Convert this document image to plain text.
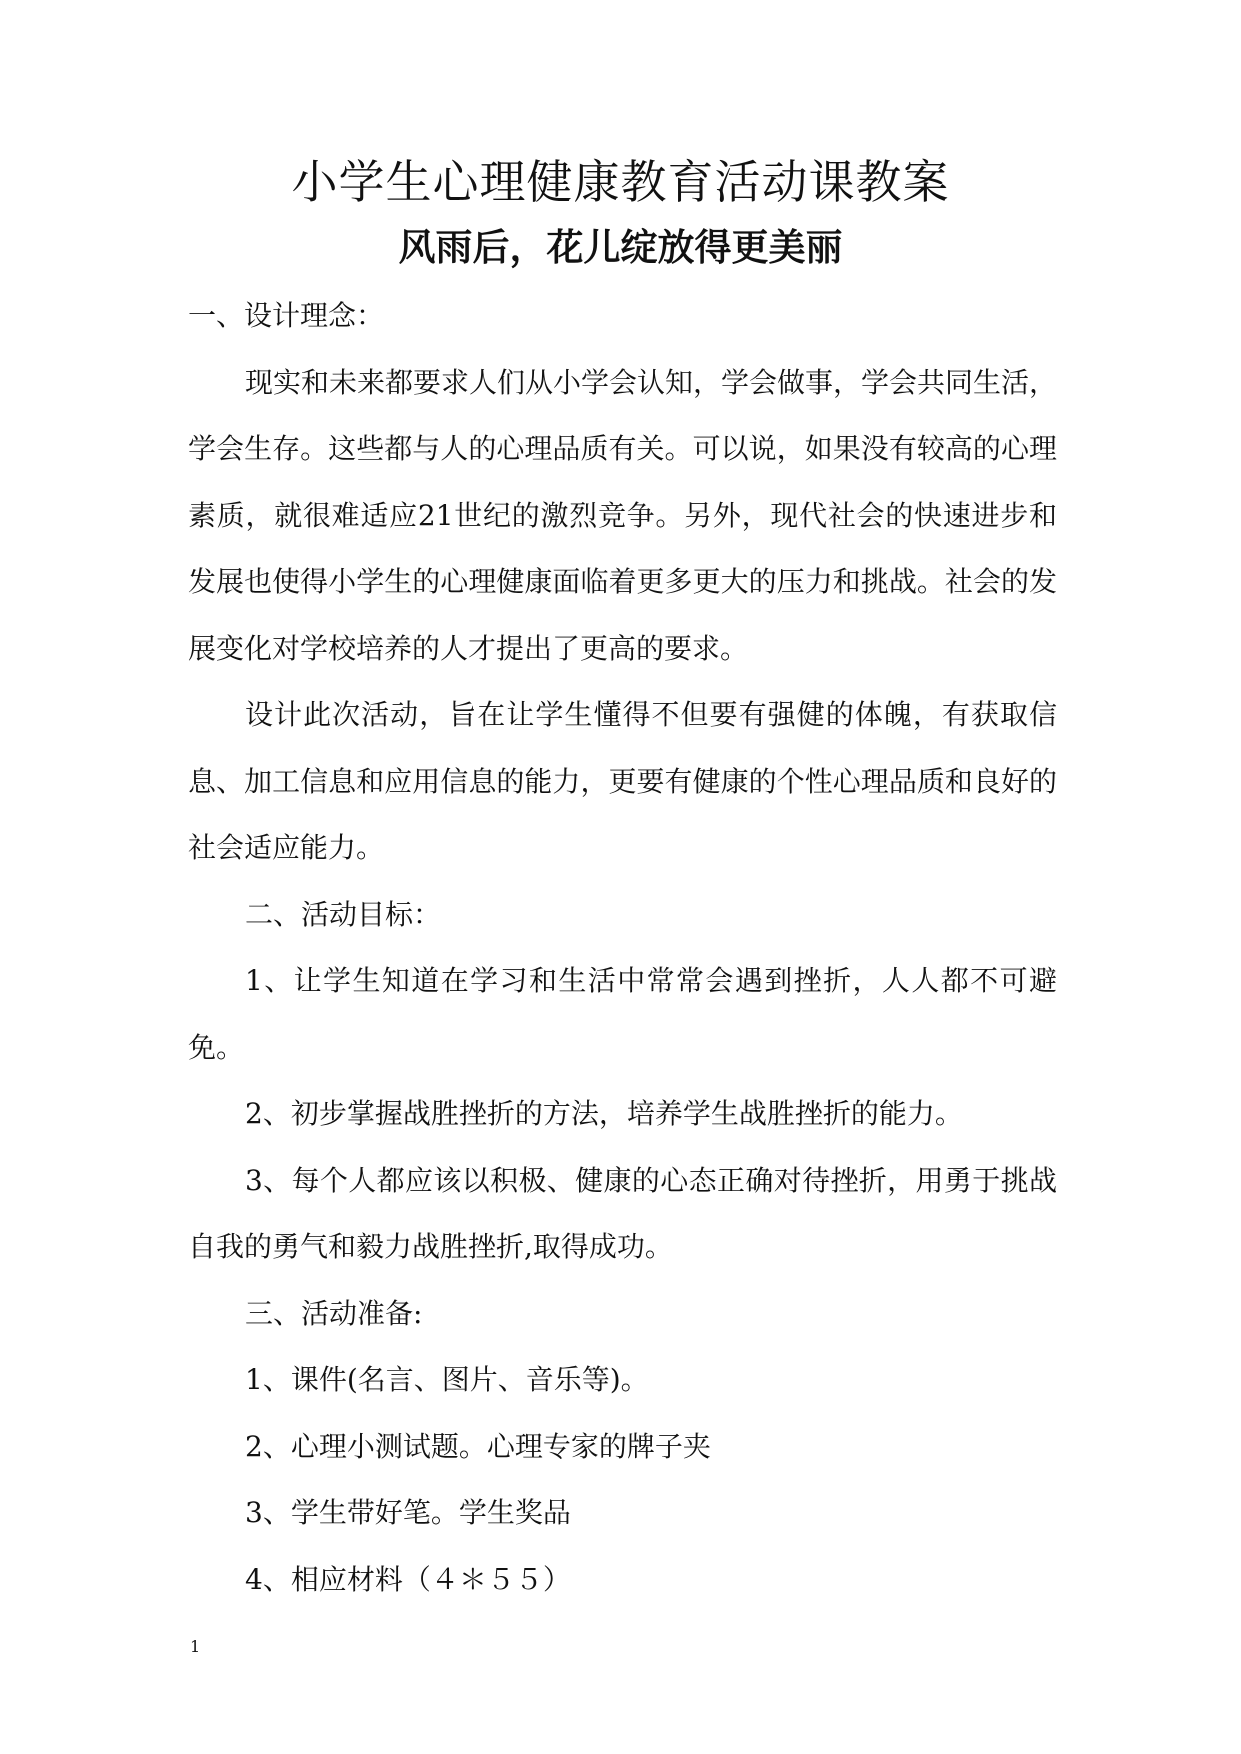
小学生心理健康教育活动课教案
风雨后，花儿绽放得更美丽

一、设计理念：

现实和未来都要求人们从小学会认知，学会做事，学会共同生活，学会生存。这些都与人的心理品质有关。可以说，如果没有较高的心理素质，就很难适应21世纪的激烈竞争。另外，现代社会的快速进步和发展也使得小学生的心理健康面临着更多更大的压力和挑战。社会的发展变化对学校培养的人才提出了更高的要求。

设计此次活动，旨在让学生懂得不但要有强健的体魄，有获取信息、加工信息和应用信息的能力，更要有健康的个性心理品质和良好的社会适应能力。

二、活动目标：

1、让学生知道在学习和生活中常常会遇到挫折，人人都不可避免。

2、初步掌握战胜挫折的方法，培养学生战胜挫折的能力。

3、每个人都应该以积极、健康的心态正确对待挫折，用勇于挑战自我的勇气和毅力战胜挫折,取得成功。

三、活动准备:

1、课件(名言、图片、音乐等)。

2、心理小测试题。心理专家的牌子夹

3、学生带好笔。学生奖品

4、相应材料（４＊５５）

1
